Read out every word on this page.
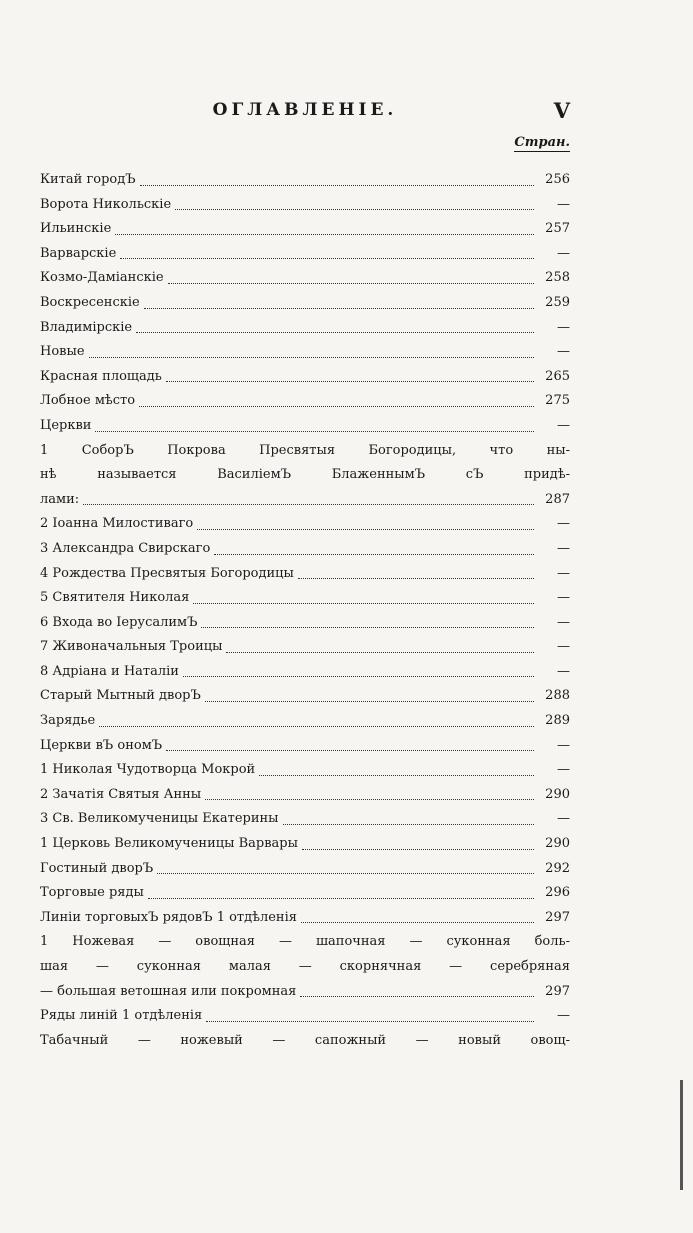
ОГЛАВЛЕНІЕ.	V
Стран.
Китай городЪ	256
Ворота Никольскіе	—
Ильинскіе	257
Варварскіе	—
Козмо-Даміанскіе	258
Воскресенскіе	259
Владимірскіе	—
Новые	—
Красная площадь	265
Лобное мѣсто	275
Церкви	—
1 СоборЪ Покрова Пресвятыя Богородицы, что ны-
нѣ называется ВасиліемЪ БлаженнымЪ сЪ придѣ-
лами:	287
2 Іоанна Милостиваго	—
3 Александра Свирскаго	—
4 Рождества Пресвятыя Богородицы	—
5 Святителя Николая	—
6 Входа во ІерусалимЪ	—
7 Живоначальныя Троицы	—
8 Адріана и Наталіи	—
Старый Мытный дворЪ	288
Зарядье	289
Церкви вЪ ономЪ	—
1 Николая Чудотворца Мокрой	—
2 Зачатія Святыя Анны	290
3 Св. Великомученицы Екатерины	—
1 Церковь Великомученицы Варвары	290
Гостиный дворЪ	292
Торговые ряды	296
Линіи торговыхЪ рядовЪ 1 отдѣленія	297
1 Ножевая — овощная — шапочная — суконная боль-
шая — суконная малая — скорнячная — серебряная
— большая ветошная или покромная	297
Ряды линій 1 отдѣленія	—
Табачный — ножевый — сапожный — новый овощ-
